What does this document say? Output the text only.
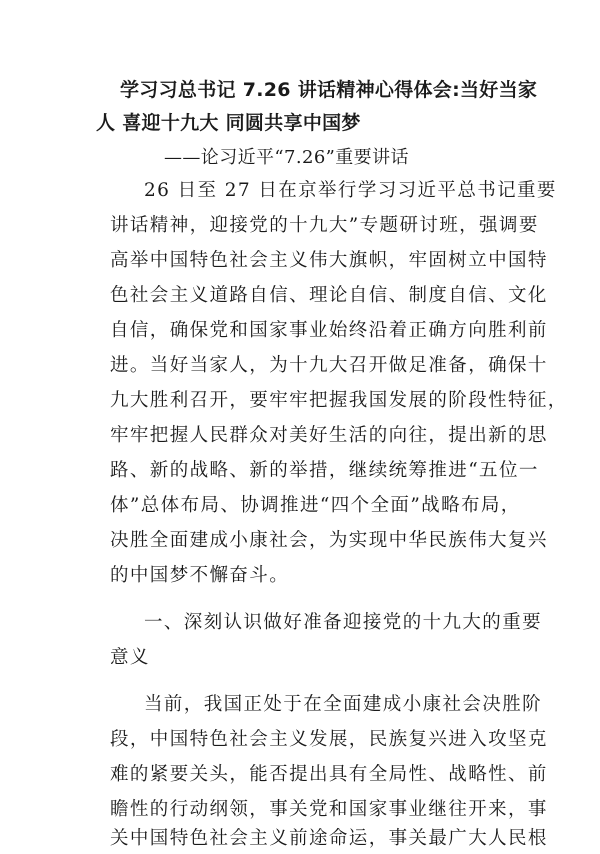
学习习总书记 7.26 讲话精神心得体会:当好当家
人 喜迎十九大 同圆共享中国梦
——论习近平“7.26”重要讲话
26 日至 27 日在京举行学习习近平总书记重要
讲话精神，迎接党的十九大”专题研讨班，强调要
高举中国特色社会主义伟大旗帜，牢固树立中国特
色社会主义道路自信、理论自信、制度自信、文化
自信，确保党和国家事业始终沿着正确方向胜利前
进。当好当家人，为十九大召开做足准备，确保十
九大胜利召开，要牢牢把握我国发展的阶段性特征，
牢牢把握人民群众对美好生活的向往，提出新的思
路、新的战略、新的举措，继续统筹推进“五位一
体”总体布局、协调推进“四个全面”战略布局，
决胜全面建成小康社会，为实现中华民族伟大复兴
的中国梦不懈奋斗。
一、深刻认识做好准备迎接党的十九大的重要
意义
当前，我国正处于在全面建成小康社会决胜阶
段，中国特色社会主义发展，民族复兴进入攻坚克
难的紧要关头，能否提出具有全局性、战略性、前
瞻性的行动纲领，事关党和国家事业继往开来，事
关中国特色社会主义前途命运，事关最广大人民根
